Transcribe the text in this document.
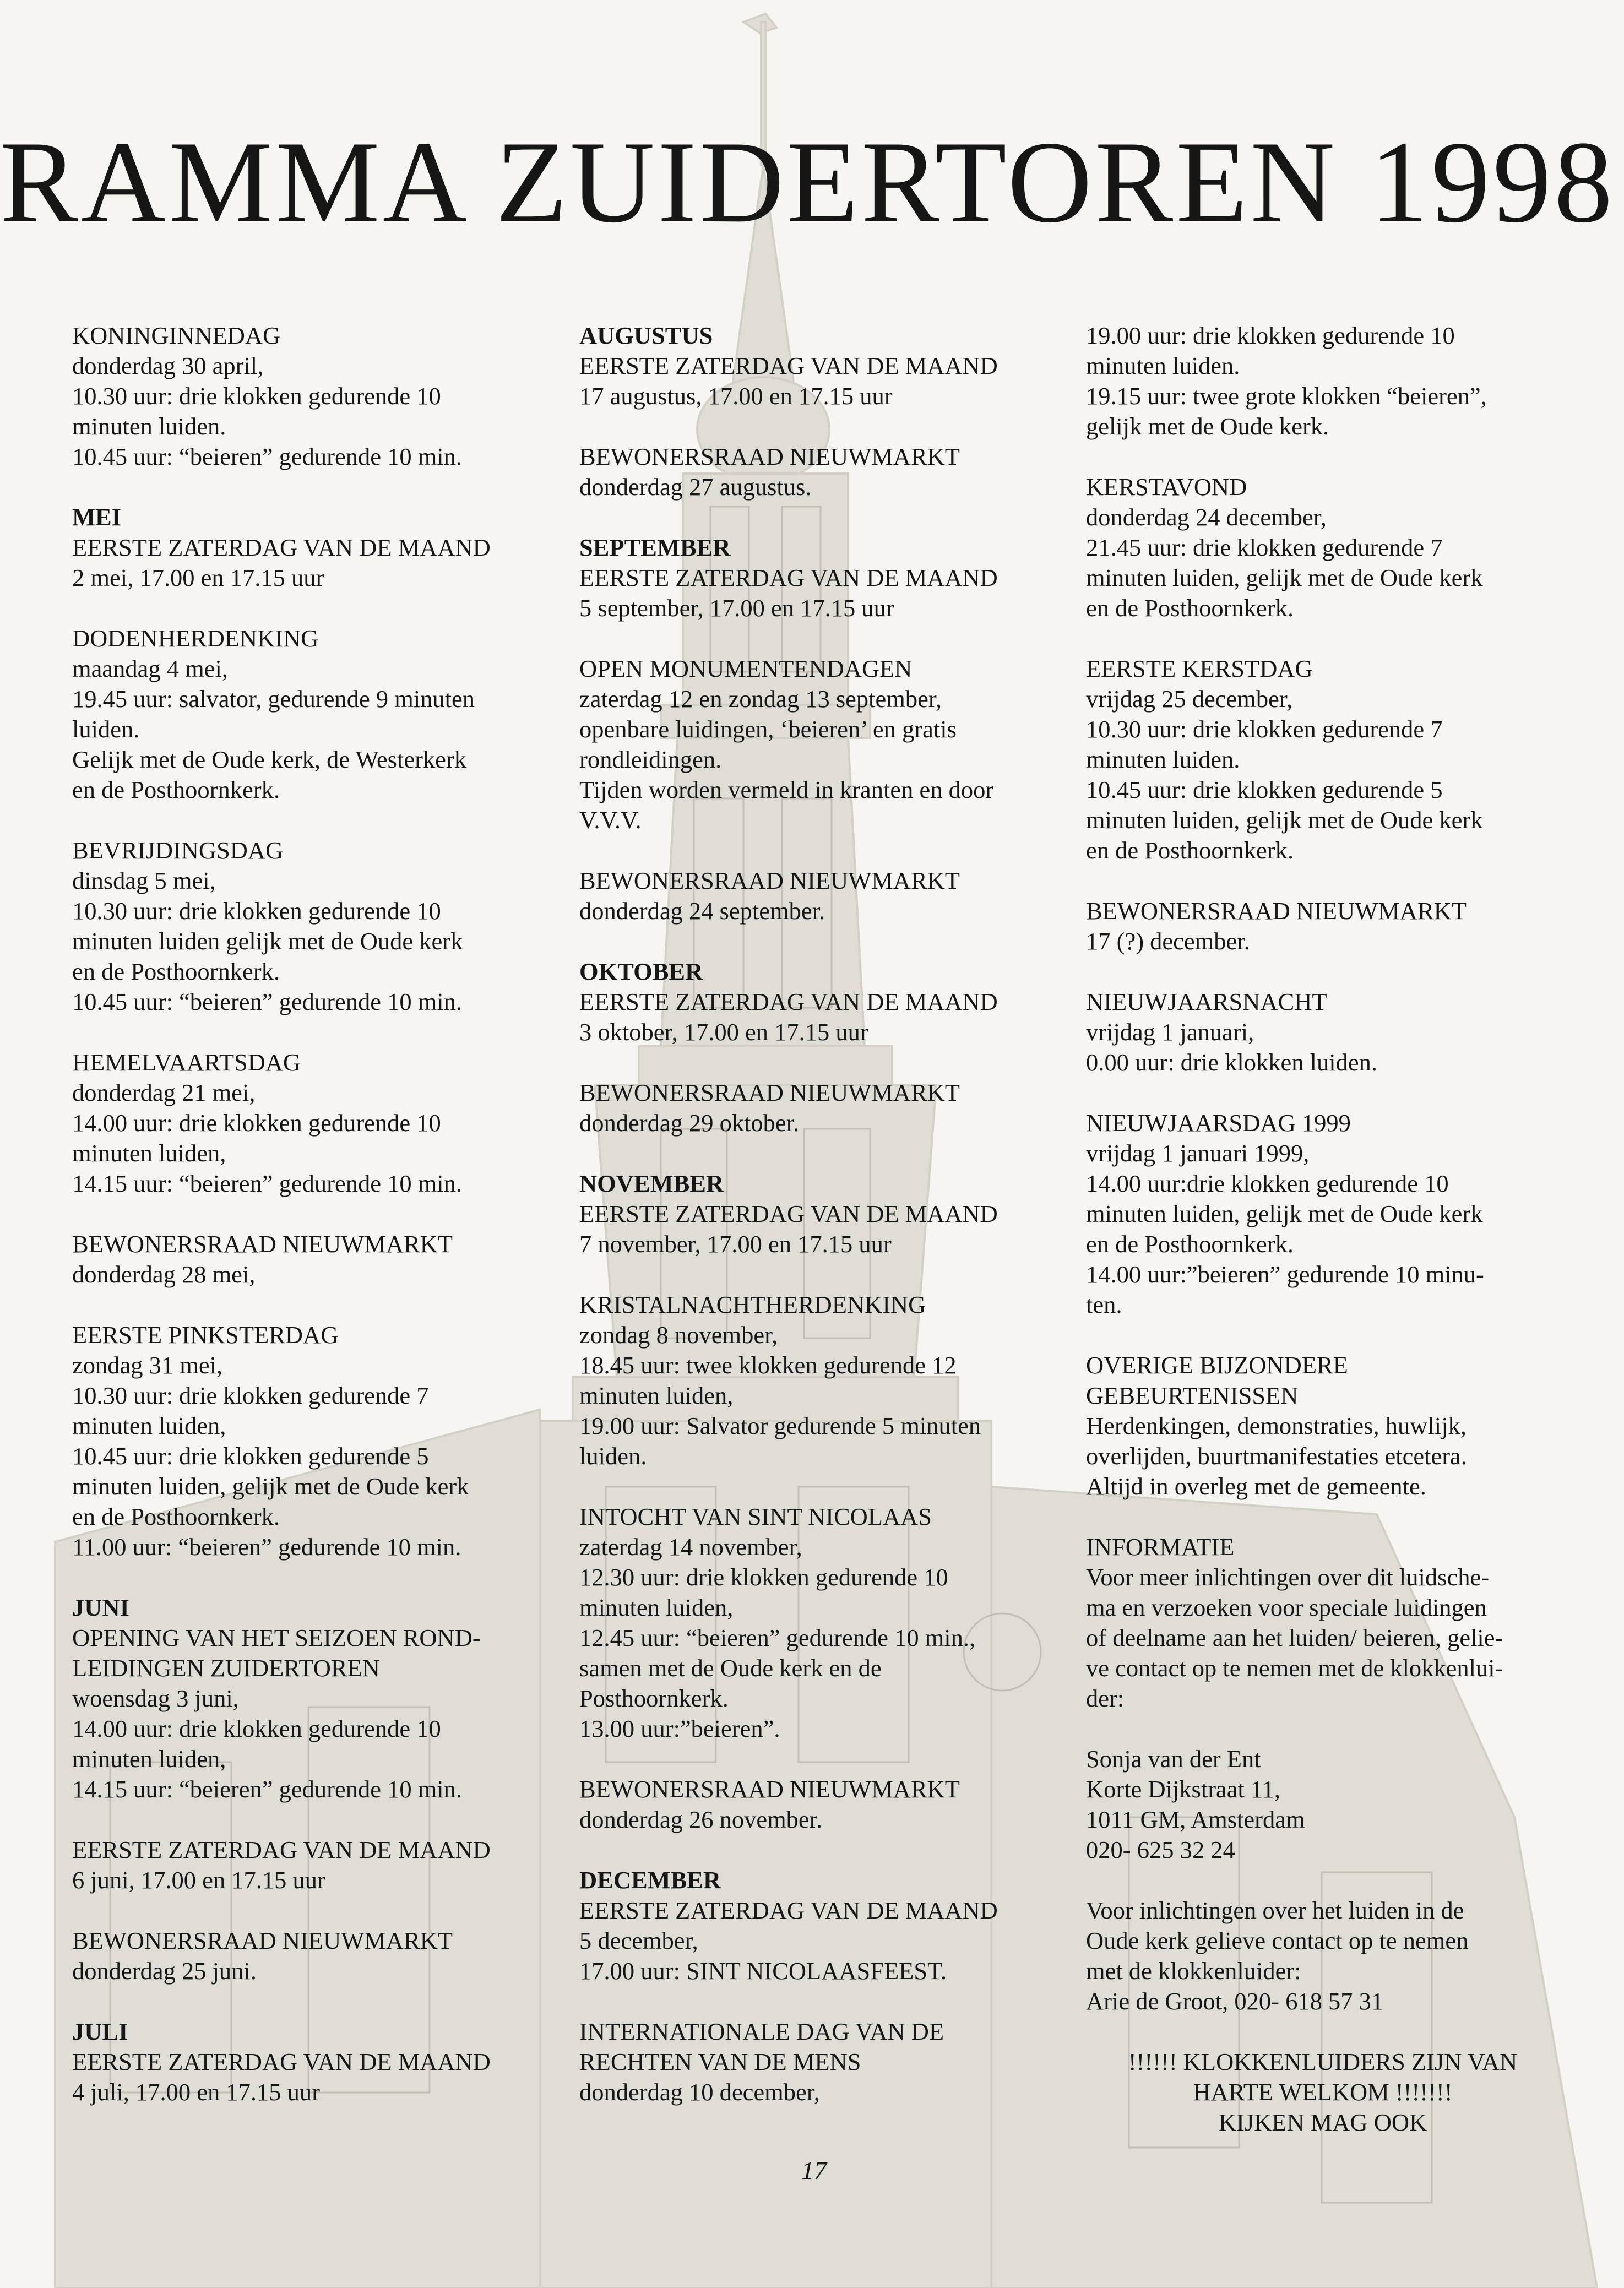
RAMMA ZUIDERTOREN 1998
KONINGINNEDAG
donderdag 30 april,
10.30 uur: drie klokken gedurende 10
minuten luiden.
10.45 uur: “beieren” gedurende 10 min.
MEI
EERSTE ZATERDAG VAN DE MAAND
2 mei, 17.00 en 17.15 uur
DODENHERDENKING
maandag 4 mei,
19.45 uur: salvator, gedurende 9 minuten
luiden.
Gelijk met de Oude kerk, de Westerkerk
en de Posthoornkerk.
BEVRIJDINGSDAG
dinsdag 5 mei,
10.30 uur: drie klokken gedurende 10
minuten luiden gelijk met de Oude kerk
en de Posthoornkerk.
10.45 uur: “beieren” gedurende 10 min.
HEMELVAARTSDAG
donderdag 21 mei,
14.00 uur: drie klokken gedurende 10
minuten luiden,
14.15 uur: “beieren” gedurende 10 min.
BEWONERSRAAD NIEUWMARKT
donderdag 28 mei,
EERSTE PINKSTERDAG
zondag 31 mei,
10.30 uur: drie klokken gedurende 7
minuten luiden,
10.45 uur: drie klokken gedurende 5
minuten luiden, gelijk met de Oude kerk
en de Posthoornkerk.
11.00 uur: “beieren” gedurende 10 min.
JUNI
OPENING VAN HET SEIZOEN ROND-
LEIDINGEN ZUIDERTOREN
woensdag 3 juni,
14.00 uur: drie klokken gedurende 10
minuten luiden,
14.15 uur: “beieren” gedurende 10 min.
EERSTE ZATERDAG VAN DE MAAND
6 juni, 17.00 en 17.15 uur
BEWONERSRAAD NIEUWMARKT
donderdag 25 juni.
JULI
EERSTE ZATERDAG VAN DE MAAND
4 juli, 17.00 en 17.15 uur
AUGUSTUS
EERSTE ZATERDAG VAN DE MAAND
17 augustus, 17.00 en 17.15 uur
BEWONERSRAAD NIEUWMARKT
donderdag 27 augustus.
SEPTEMBER
EERSTE ZATERDAG VAN DE MAAND
5 september, 17.00 en 17.15 uur
OPEN MONUMENTENDAGEN
zaterdag 12 en zondag 13 september,
openbare luidingen, ‘beieren’ en gratis
rondleidingen.
Tijden worden vermeld in kranten en door
V.V.V.
BEWONERSRAAD NIEUWMARKT
donderdag 24 september.
OKTOBER
EERSTE ZATERDAG VAN DE MAAND
3 oktober, 17.00 en 17.15 uur
BEWONERSRAAD NIEUWMARKT
donderdag 29 oktober.
NOVEMBER
EERSTE ZATERDAG VAN DE MAAND
7 november, 17.00 en 17.15 uur
KRISTALNACHTHERDENKING
zondag 8 november,
18.45 uur: twee klokken gedurende 12
minuten luiden,
19.00 uur: Salvator gedurende 5 minuten
luiden.
INTOCHT VAN SINT NICOLAAS
zaterdag 14 november,
12.30 uur: drie klokken gedurende 10
minuten luiden,
12.45 uur: “beieren” gedurende 10 min.,
samen met de Oude kerk en de
Posthoornkerk.
13.00 uur:”beieren”.
BEWONERSRAAD NIEUWMARKT
donderdag 26 november.
DECEMBER
EERSTE ZATERDAG VAN DE MAAND
5 december,
17.00 uur: SINT NICOLAASFEEST.
INTERNATIONALE DAG VAN DE
RECHTEN VAN DE MENS
donderdag 10 december,
19.00 uur: drie klokken gedurende 10
minuten luiden.
19.15 uur: twee grote klokken “beieren”,
gelijk met de Oude kerk.
KERSTAVOND
donderdag 24 december,
21.45 uur: drie klokken gedurende 7
minuten luiden, gelijk met de Oude kerk
en de Posthoornkerk.
EERSTE KERSTDAG
vrijdag 25 december,
10.30 uur: drie klokken gedurende 7
minuten luiden.
10.45 uur: drie klokken gedurende 5
minuten luiden, gelijk met de Oude kerk
en de Posthoornkerk.
BEWONERSRAAD NIEUWMARKT
17 (?) december.
NIEUWJAARSNACHT
vrijdag 1 januari,
0.00 uur: drie klokken luiden.
NIEUWJAARSDAG 1999
vrijdag 1 januari 1999,
14.00 uur:drie klokken gedurende 10
minuten luiden, gelijk met de Oude kerk
en de Posthoornkerk.
14.00 uur:”beieren” gedurende 10 minu-
ten.
OVERIGE BIJZONDERE
GEBEURTENISSEN
Herdenkingen, demonstraties, huwlijk,
overlijden, buurtmanifestaties etcetera.
Altijd in overleg met de gemeente.
INFORMATIE
Voor meer inlichtingen over dit luidsche-
ma en verzoeken voor speciale luidingen
of deelname aan het luiden/ beieren, gelie-
ve contact op te nemen met de klokkenlui-
der:
Sonja van der Ent
Korte Dijkstraat 11,
1011 GM, Amsterdam
020- 625 32 24
Voor inlichtingen over het luiden in de
Oude kerk gelieve contact op te nemen
met de klokkenluider:
Arie de Groot, 020- 618 57 31
!!!!!! KLOKKENLUIDERS ZIJN VAN
HARTE WELKOM !!!!!!!
KIJKEN MAG OOK
17
